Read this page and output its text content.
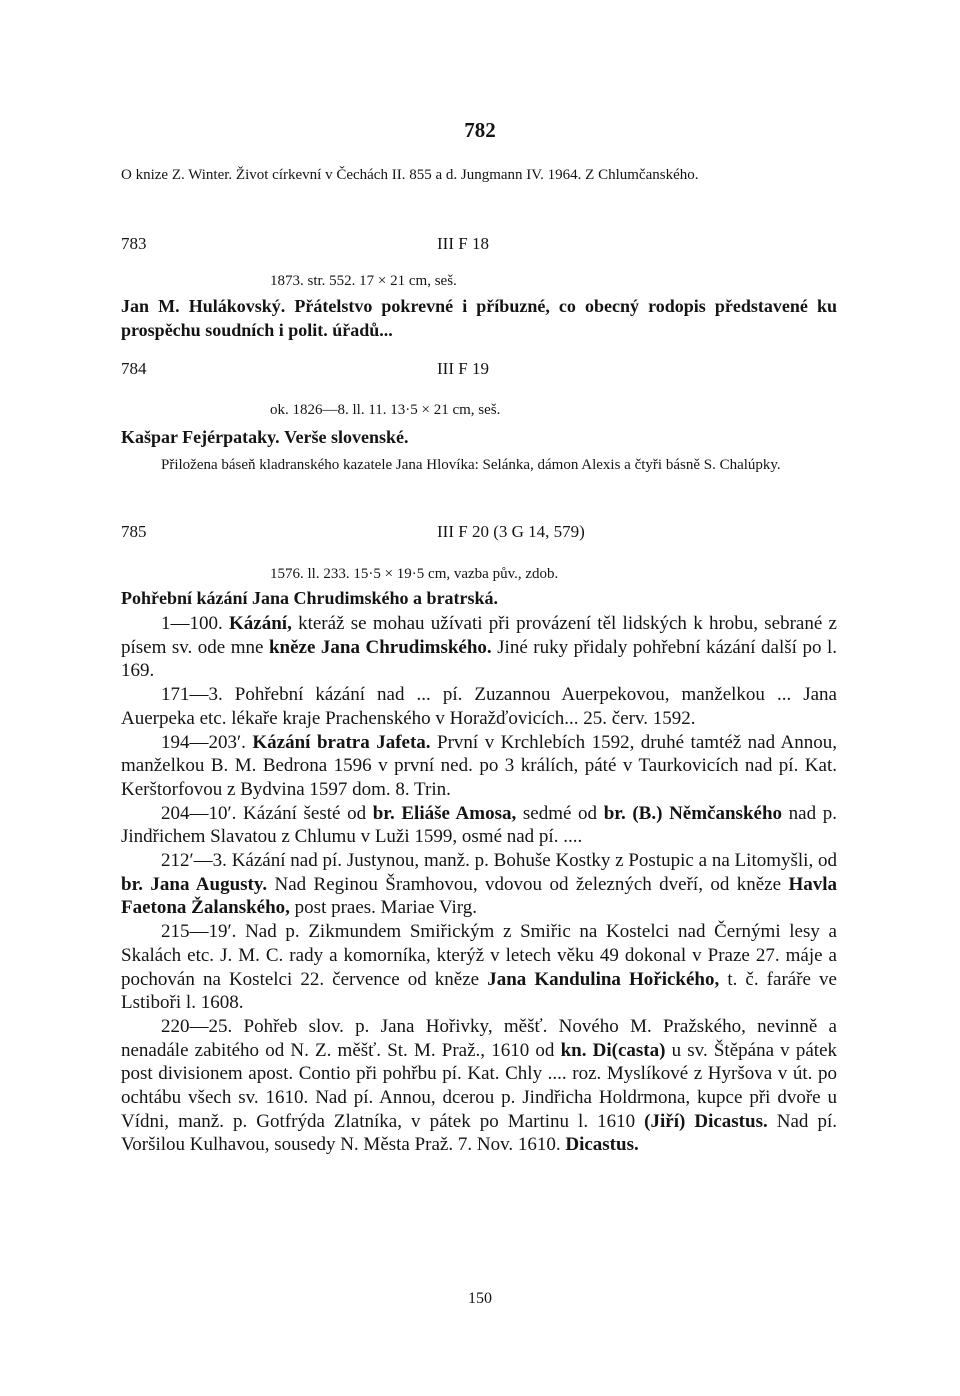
782

O knize Z. Winter. Život církevní v Čechách II. 855 a d. Jungmann IV. 1964. Z Chlumčanského.

783	III F 18
1873. str. 552. 17 × 21 cm, seš.

Jan M. Hulákovský. Přátelstvo pokrevné i příbuzné, co obecný rodopis představené ku prospěchu soudních i polit. úřadů...

784	III F 19
ok. 1826—8. ll. 11. 13·5 × 21 cm, seš.

Kašpar Fejérpataky. Verše slovenské.

Přiložena báseň kladranského kazatele Jana Hlovíka: Selánka, dámon Alexis a čtyři básně S. Chalúpky.

785	III F 20 (3 G 14, 579)
1576. ll. 233. 15·5 × 19·5 cm, vazba pův., zdob.
Pohřební kázání Jana Chrudimského a bratrská.

1—100. Kázání, kteráž se mohau užívati při provázení těl lidských k hrobu, sebrané z písem sv. ode mne kněze Jana Chrudimského. Jiné ruky přidaly pohřební kázání další po l. 169.

171—3. Pohřební kázání nad ... pí. Zuzannou Auerpekovou, manželkou ... Jana Auerpeka etc. lékaře kraje Prachenského v Horažďovicích... 25. červ. 1592.

194—203′. Kázání bratra Jafeta. První v Krchlebích 1592, druhé tamtéž nad Annou, manželkou B. M. Bedrona 1596 v první ned. po 3 králích, páté v Taurkovicích nad pí. Kat. Kerštorfovou z Bydvina 1597 dom. 8. Trin.

204—10′. Kázání šesté od br. Eliáše Amosa, sedmé od br. (B.) Němčanského nad p. Jindřichem Slavatou z Chlumu v Luži 1599, osmé nad pí. ....

212′—3. Kázání nad pí. Justynou, manž. p. Bohuše Kostky z Postupic a na Litomyšli, od br. Jana Augusty. Nad Reginou Šramhovou, vdovou od železných dveří, od kněze Havla Faetona Žalanského, post praes. Mariae Virg.

215—19′. Nad p. Zikmundem Smiřickým z Smiřic na Kostelci nad Černými lesy a Skalách etc. J. M. C. rady a komorníka, kterýž v letech věku 49 dokonal v Praze 27. máje a pochován na Kostelci 22. července od kněze Jana Kandulina Hořického, t. č. faráře ve Lstiboři l. 1608.

220—25. Pohřeb slov. p. Jana Hořivky, měšť. Nového M. Pražského, nevinně a nenadále zabitého od N. Z. měšť. St. M. Praž., 1610 od kn. Di(casta) u sv. Štěpána v pátek post divisionem apost. Contio při pohřbu pí. Kat. Chly .... roz. Myslíkové z Hyršova v út. po ochtábu všech sv. 1610. Nad pí. Annou, dcerou p. Jindřicha Holdrmona, kupce při dvoře u Vídni, manž. p. Gotfrýda Zlatníka, v pátek po Martinu l. 1610 (Jiří) Dicastus. Nad pí. Voršilou Kulhavou, sousedy N. Města Praž. 7. Nov. 1610. Dicastus.

150
